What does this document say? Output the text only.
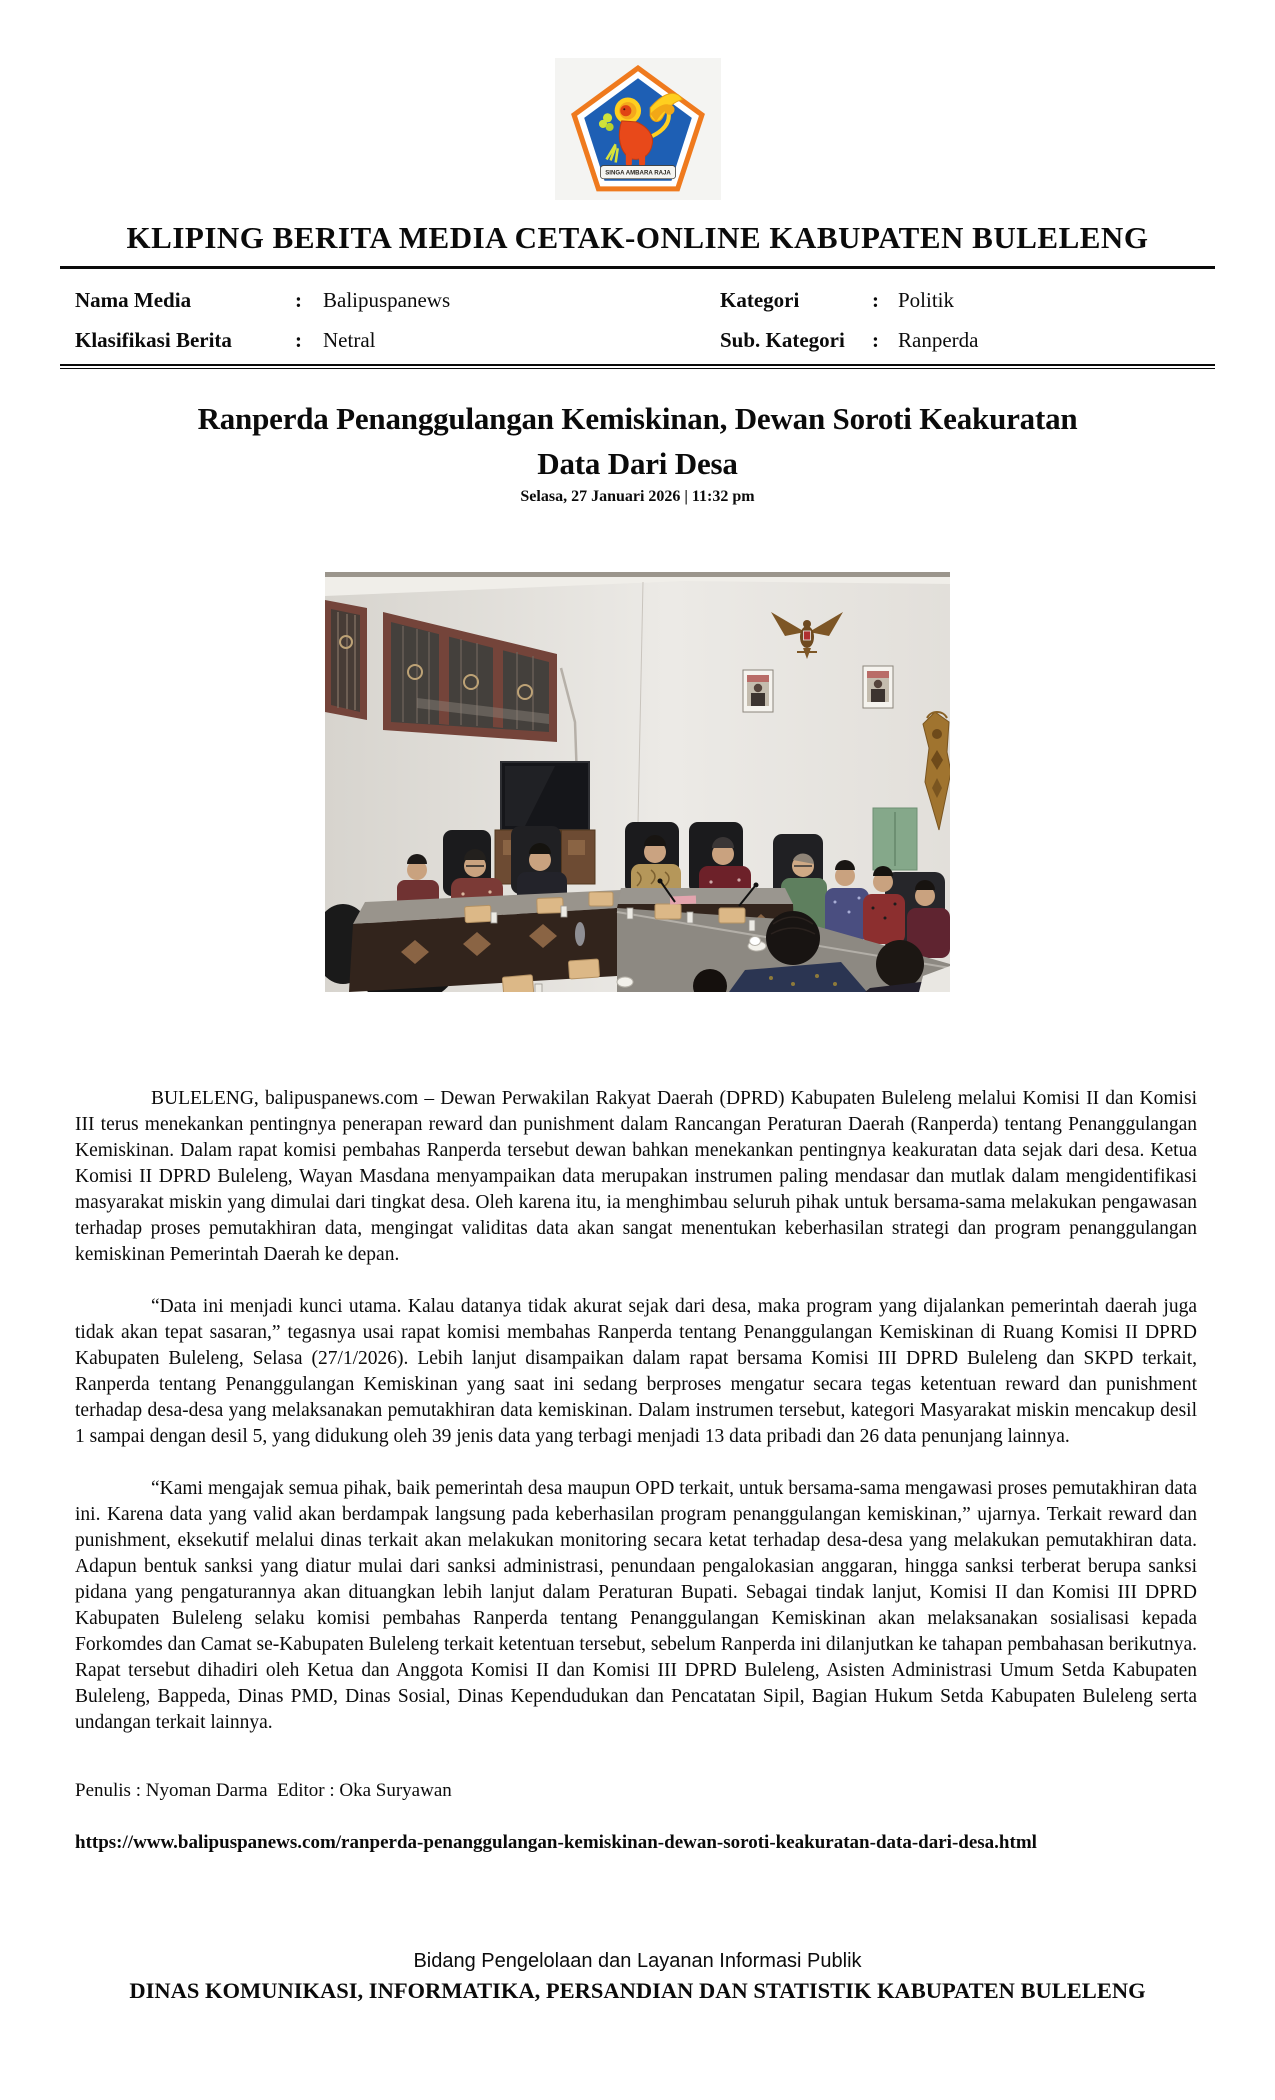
SINGA AMBARA RAJA
KLIPING BERITA MEDIA CETAK-ONLINE KABUPATEN BULELENG
Nama Media	:	Balipuspanews
Klasifikasi Berita	:	Netral
Kategori	: Politik
Sub. Kategori	: Ranperda
Ranperda Penanggulangan Kemiskinan, Dewan Soroti Keakuratan
Data Dari Desa
Selasa, 27 Januari 2026 | 11:32 pm

BULELENG, balipuspanews.com – Dewan Perwakilan Rakyat Daerah (DPRD) Kabupaten Buleleng melalui Komisi II dan Komisi III terus menekankan pentingnya penerapan reward dan punishment dalam Rancangan Peraturan Daerah (Ranperda) tentang Penanggulangan Kemiskinan. Dalam rapat komisi pembahas Ranperda tersebut dewan bahkan menekankan pentingnya keakuratan data sejak dari desa. Ketua Komisi II DPRD Buleleng, Wayan Masdana menyampaikan data merupakan instrumen paling mendasar dan mutlak dalam mengidentifikasi masyarakat miskin yang dimulai dari tingkat desa. Oleh karena itu, ia menghimbau seluruh pihak untuk bersama-sama melakukan pengawasan terhadap proses pemutakhiran data, mengingat validitas data akan sangat menentukan keberhasilan strategi dan program penanggulangan kemiskinan Pemerintah Daerah ke depan.

“Data ini menjadi kunci utama. Kalau datanya tidak akurat sejak dari desa, maka program yang dijalankan pemerintah daerah juga tidak akan tepat sasaran,” tegasnya usai rapat komisi membahas Ranperda tentang Penanggulangan Kemiskinan di Ruang Komisi II DPRD Kabupaten Buleleng, Selasa (27/1/2026). Lebih lanjut disampaikan dalam rapat bersama Komisi III DPRD Buleleng dan SKPD terkait, Ranperda tentang Penanggulangan Kemiskinan yang saat ini sedang berproses mengatur secara tegas ketentuan reward dan punishment terhadap desa-desa yang melaksanakan pemutakhiran data kemiskinan. Dalam instrumen tersebut, kategori Masyarakat miskin mencakup desil 1 sampai dengan desil 5, yang didukung oleh 39 jenis data yang terbagi menjadi 13 data pribadi dan 26 data penunjang lainnya.

“Kami mengajak semua pihak, baik pemerintah desa maupun OPD terkait, untuk bersama-sama mengawasi proses pemutakhiran data ini. Karena data yang valid akan berdampak langsung pada keberhasilan program penanggulangan kemiskinan,” ujarnya. Terkait reward dan punishment, eksekutif melalui dinas terkait akan melakukan monitoring secara ketat terhadap desa-desa yang melakukan pemutakhiran data. Adapun bentuk sanksi yang diatur mulai dari sanksi administrasi, penundaan pengalokasian anggaran, hingga sanksi terberat berupa sanksi pidana yang pengaturannya akan dituangkan lebih lanjut dalam Peraturan Bupati. Sebagai tindak lanjut, Komisi II dan Komisi III DPRD Kabupaten Buleleng selaku komisi pembahas Ranperda tentang Penanggulangan Kemiskinan akan melaksanakan sosialisasi kepada Forkomdes dan Camat se-Kabupaten Buleleng terkait ketentuan tersebut, sebelum Ranperda ini dilanjutkan ke tahapan pembahasan berikutnya. Rapat tersebut dihadiri oleh Ketua dan Anggota Komisi II dan Komisi III DPRD Buleleng, Asisten Administrasi Umum Setda Kabupaten Buleleng, Bappeda, Dinas PMD, Dinas Sosial, Dinas Kependudukan dan Pencatatan Sipil, Bagian Hukum Setda Kabupaten Buleleng serta undangan terkait lainnya.

Penulis : Nyoman Darma  Editor : Oka Suryawan
https://www.balipuspanews.com/ranperda-penanggulangan-kemiskinan-dewan-soroti-keakuratan-data-dari-desa.html
Bidang Pengelolaan dan Layanan Informasi Publik
DINAS KOMUNIKASI, INFORMATIKA, PERSANDIAN DAN STATISTIK KABUPATEN BULELENG
